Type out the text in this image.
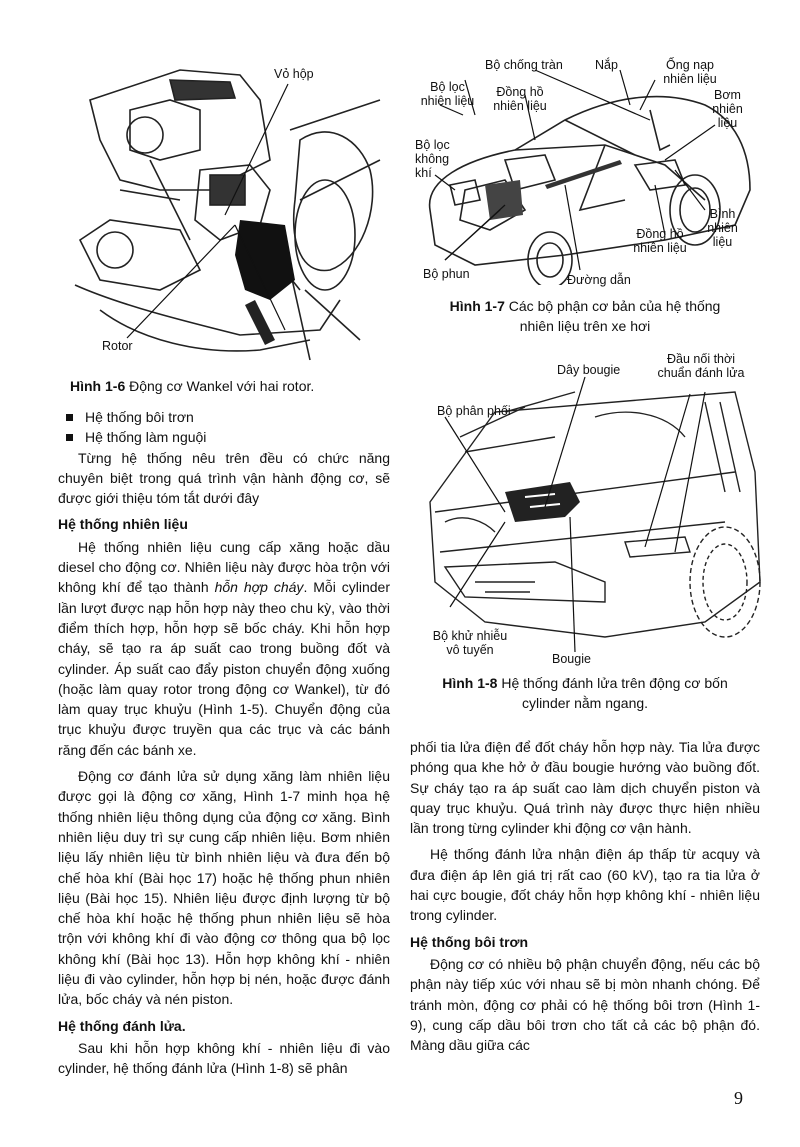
Vỏ hộp
Rotor
Hình 1-6 Động cơ Wankel với hai rotor.
Bộ chống tràn	Nắp	Ống nạp
nhiên liệu
Bộ lọc
nhiên liệu
Đồng hồ
nhiên liệu
Bơm
nhiên
liệu
Bộ lọc
không
khí
Bình
nhiên
liệu
Đồng hồ
nhiên liệu
Bộ phun	Đường dẫn
Hình 1-7 Các bộ phận cơ bản của hệ thống
nhiên liệu trên xe hơi
Dây bougie
Đầu nối thời
chuẩn đánh lửa
Bộ phân phối
Bộ khử nhiễu
vô tuyến
Bougie
Hình 1-8 Hệ thống đánh lửa trên động cơ bốn
cylinder nằm ngang.
Hệ thống bôi trơn
Hệ thống làm nguội

Từng hệ thống nêu trên đều có chức năng chuyên biệt trong quá trình vận hành động cơ, sẽ được giới thiệu tóm tắt dưới đây

Hệ thống nhiên liệu

Hệ thống nhiên liệu cung cấp xăng hoặc dầu diesel cho động cơ. Nhiên liệu này được hòa trộn với không khí để tạo thành hỗn hợp cháy. Mỗi cylinder lần lượt được nạp hỗn hợp này theo chu kỳ, vào thời điểm thích hợp, hỗn hợp sẽ bốc cháy. Khi hỗn hợp cháy, sẽ tạo ra áp suất cao trong buồng đốt và cylinder. Áp suất cao đẩy piston chuyển động xuống (hoặc làm quay rotor trong động cơ Wankel), từ đó làm quay trục khuỷu (Hình 1-5). Chuyển động của trục khuỷu được truyền qua các trục và các bánh răng đến các bánh xe.

Động cơ đánh lửa sử dụng xăng làm nhiên liệu được gọi là động cơ xăng, Hình 1-7 minh họa hệ thống nhiên liệu thông dụng của động cơ xăng. Bình nhiên liệu duy trì sự cung cấp nhiên liệu. Bơm nhiên liệu lấy nhiên liệu từ bình nhiên liệu và đưa đến bộ chế hòa khí (Bài học 17) hoặc hệ thống phun nhiên liệu (Bài học 15). Nhiên liệu được định lượng từ bộ chế hòa khí hoặc hệ thống phun nhiên liệu sẽ hòa trộn với không khí đi vào động cơ thông qua bộ lọc không khí (Bài học 13). Hỗn hợp không khí - nhiên liệu đi vào cylinder, hỗn hợp bị nén, hoặc được đánh lửa, bốc cháy và nén piston.

Hệ thống đánh lửa.

Sau khi hỗn hợp không khí - nhiên liệu đi vào cylinder, hệ thống đánh lửa (Hình 1-8) sẽ phân

phối tia lửa điện để đốt cháy hỗn hợp này. Tia lửa được phóng qua khe hở ở đầu bougie hướng vào buồng đốt. Sự cháy tạo ra áp suất cao làm dịch chuyển piston và quay trục khuỷu. Quá trình này được thực hiện nhiều lần trong từng cylinder khi động cơ vận hành.

Hệ thống đánh lửa nhận điện áp thấp từ acquy và đưa điện áp lên giá trị rất cao (60 kV), tạo ra tia lửa ở hai cực bougie, đốt cháy hỗn hợp không khí - nhiên liệu trong cylinder.

Hệ thống bôi trơn

Động cơ có nhiều bộ phận chuyển động, nếu các bộ phận này tiếp xúc với nhau sẽ bị mòn nhanh chóng. Để tránh mòn, động cơ phải có hệ thống bôi trơn (Hình 1-9), cung cấp dầu bôi trơn cho tất cả các bộ phận đó. Màng dầu giữa các

9
